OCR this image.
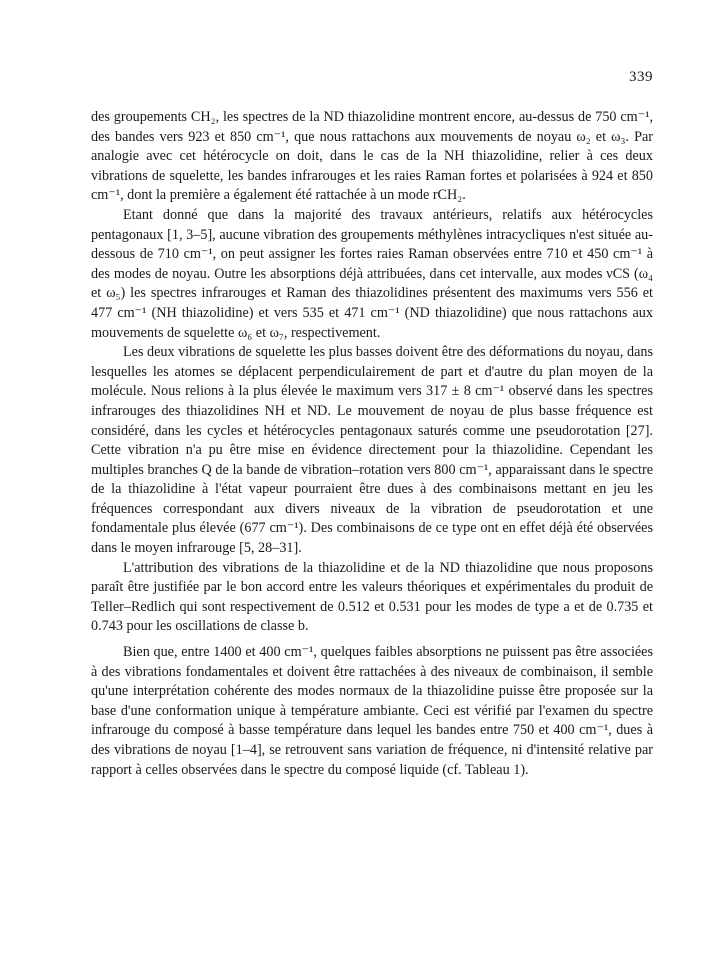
339

des groupements CH₂, les spectres de la ND thiazolidine montrent encore, au-dessus de 750 cm⁻¹, des bandes vers 923 et 850 cm⁻¹, que nous rattachons aux mouvements de noyau ω₂ et ω₃. Par analogie avec cet hétérocycle on doit, dans le cas de la NH thiazolidine, relier à ces deux vibrations de squelette, les bandes infrarouges et les raies Raman fortes et polarisées à 924 et 850 cm⁻¹, dont la première a également été rattachée à un mode rCH₂.

Etant donné que dans la majorité des travaux antérieurs, relatifs aux hétérocycles pentagonaux [1, 3–5], aucune vibration des groupements méthylènes intracycliques n'est située au-dessous de 710 cm⁻¹, on peut assigner les fortes raies Raman observées entre 710 et 450 cm⁻¹ à des modes de noyau. Outre les absorptions déjà attribuées, dans cet intervalle, aux modes νCS (ω₄ et ω₅) les spectres infrarouges et Raman des thiazolidines présentent des maximums vers 556 et 477 cm⁻¹ (NH thiazolidine) et vers 535 et 471 cm⁻¹ (ND thiazolidine) que nous rattachons aux mouvements de squelette ω₆ et ω₇, respectivement.

Les deux vibrations de squelette les plus basses doivent être des déformations du noyau, dans lesquelles les atomes se déplacent perpendiculairement de part et d'autre du plan moyen de la molécule. Nous relions à la plus élevée le maximum vers 317 ± 8 cm⁻¹ observé dans les spectres infrarouges des thiazolidines NH et ND. Le mouvement de noyau de plus basse fréquence est considéré, dans les cycles et hétérocycles pentagonaux saturés comme une pseudorotation [27]. Cette vibration n'a pu être mise en évidence directement pour la thiazolidine. Cependant les multiples branches Q de la bande de vibration–rotation vers 800 cm⁻¹, apparaissant dans le spectre de la thiazolidine à l'état vapeur pourraient être dues à des combinaisons mettant en jeu les fréquences correspondant aux divers niveaux de la vibration de pseudorotation et une fondamentale plus élevée (677 cm⁻¹). Des combinaisons de ce type ont en effet déjà été observées dans le moyen infrarouge [5, 28–31].

L'attribution des vibrations de la thiazolidine et de la ND thiazolidine que nous proposons paraît être justifiée par le bon accord entre les valeurs théoriques et expérimentales du produit de Teller–Redlich qui sont respectivement de 0.512 et 0.531 pour les modes de type a et de 0.735 et 0.743 pour les oscillations de classe b.

Bien que, entre 1400 et 400 cm⁻¹, quelques faibles absorptions ne puissent pas être associées à des vibrations fondamentales et doivent être rattachées à des niveaux de combinaison, il semble qu'une interprétation cohérente des modes normaux de la thiazolidine puisse être proposée sur la base d'une conformation unique à température ambiante. Ceci est vérifié par l'examen du spectre infrarouge du composé à basse température dans lequel les bandes entre 750 et 400 cm⁻¹, dues à des vibrations de noyau [1–4], se retrouvent sans variation de fréquence, ni d'intensité relative par rapport à celles observées dans le spectre du composé liquide (cf. Tableau 1).
